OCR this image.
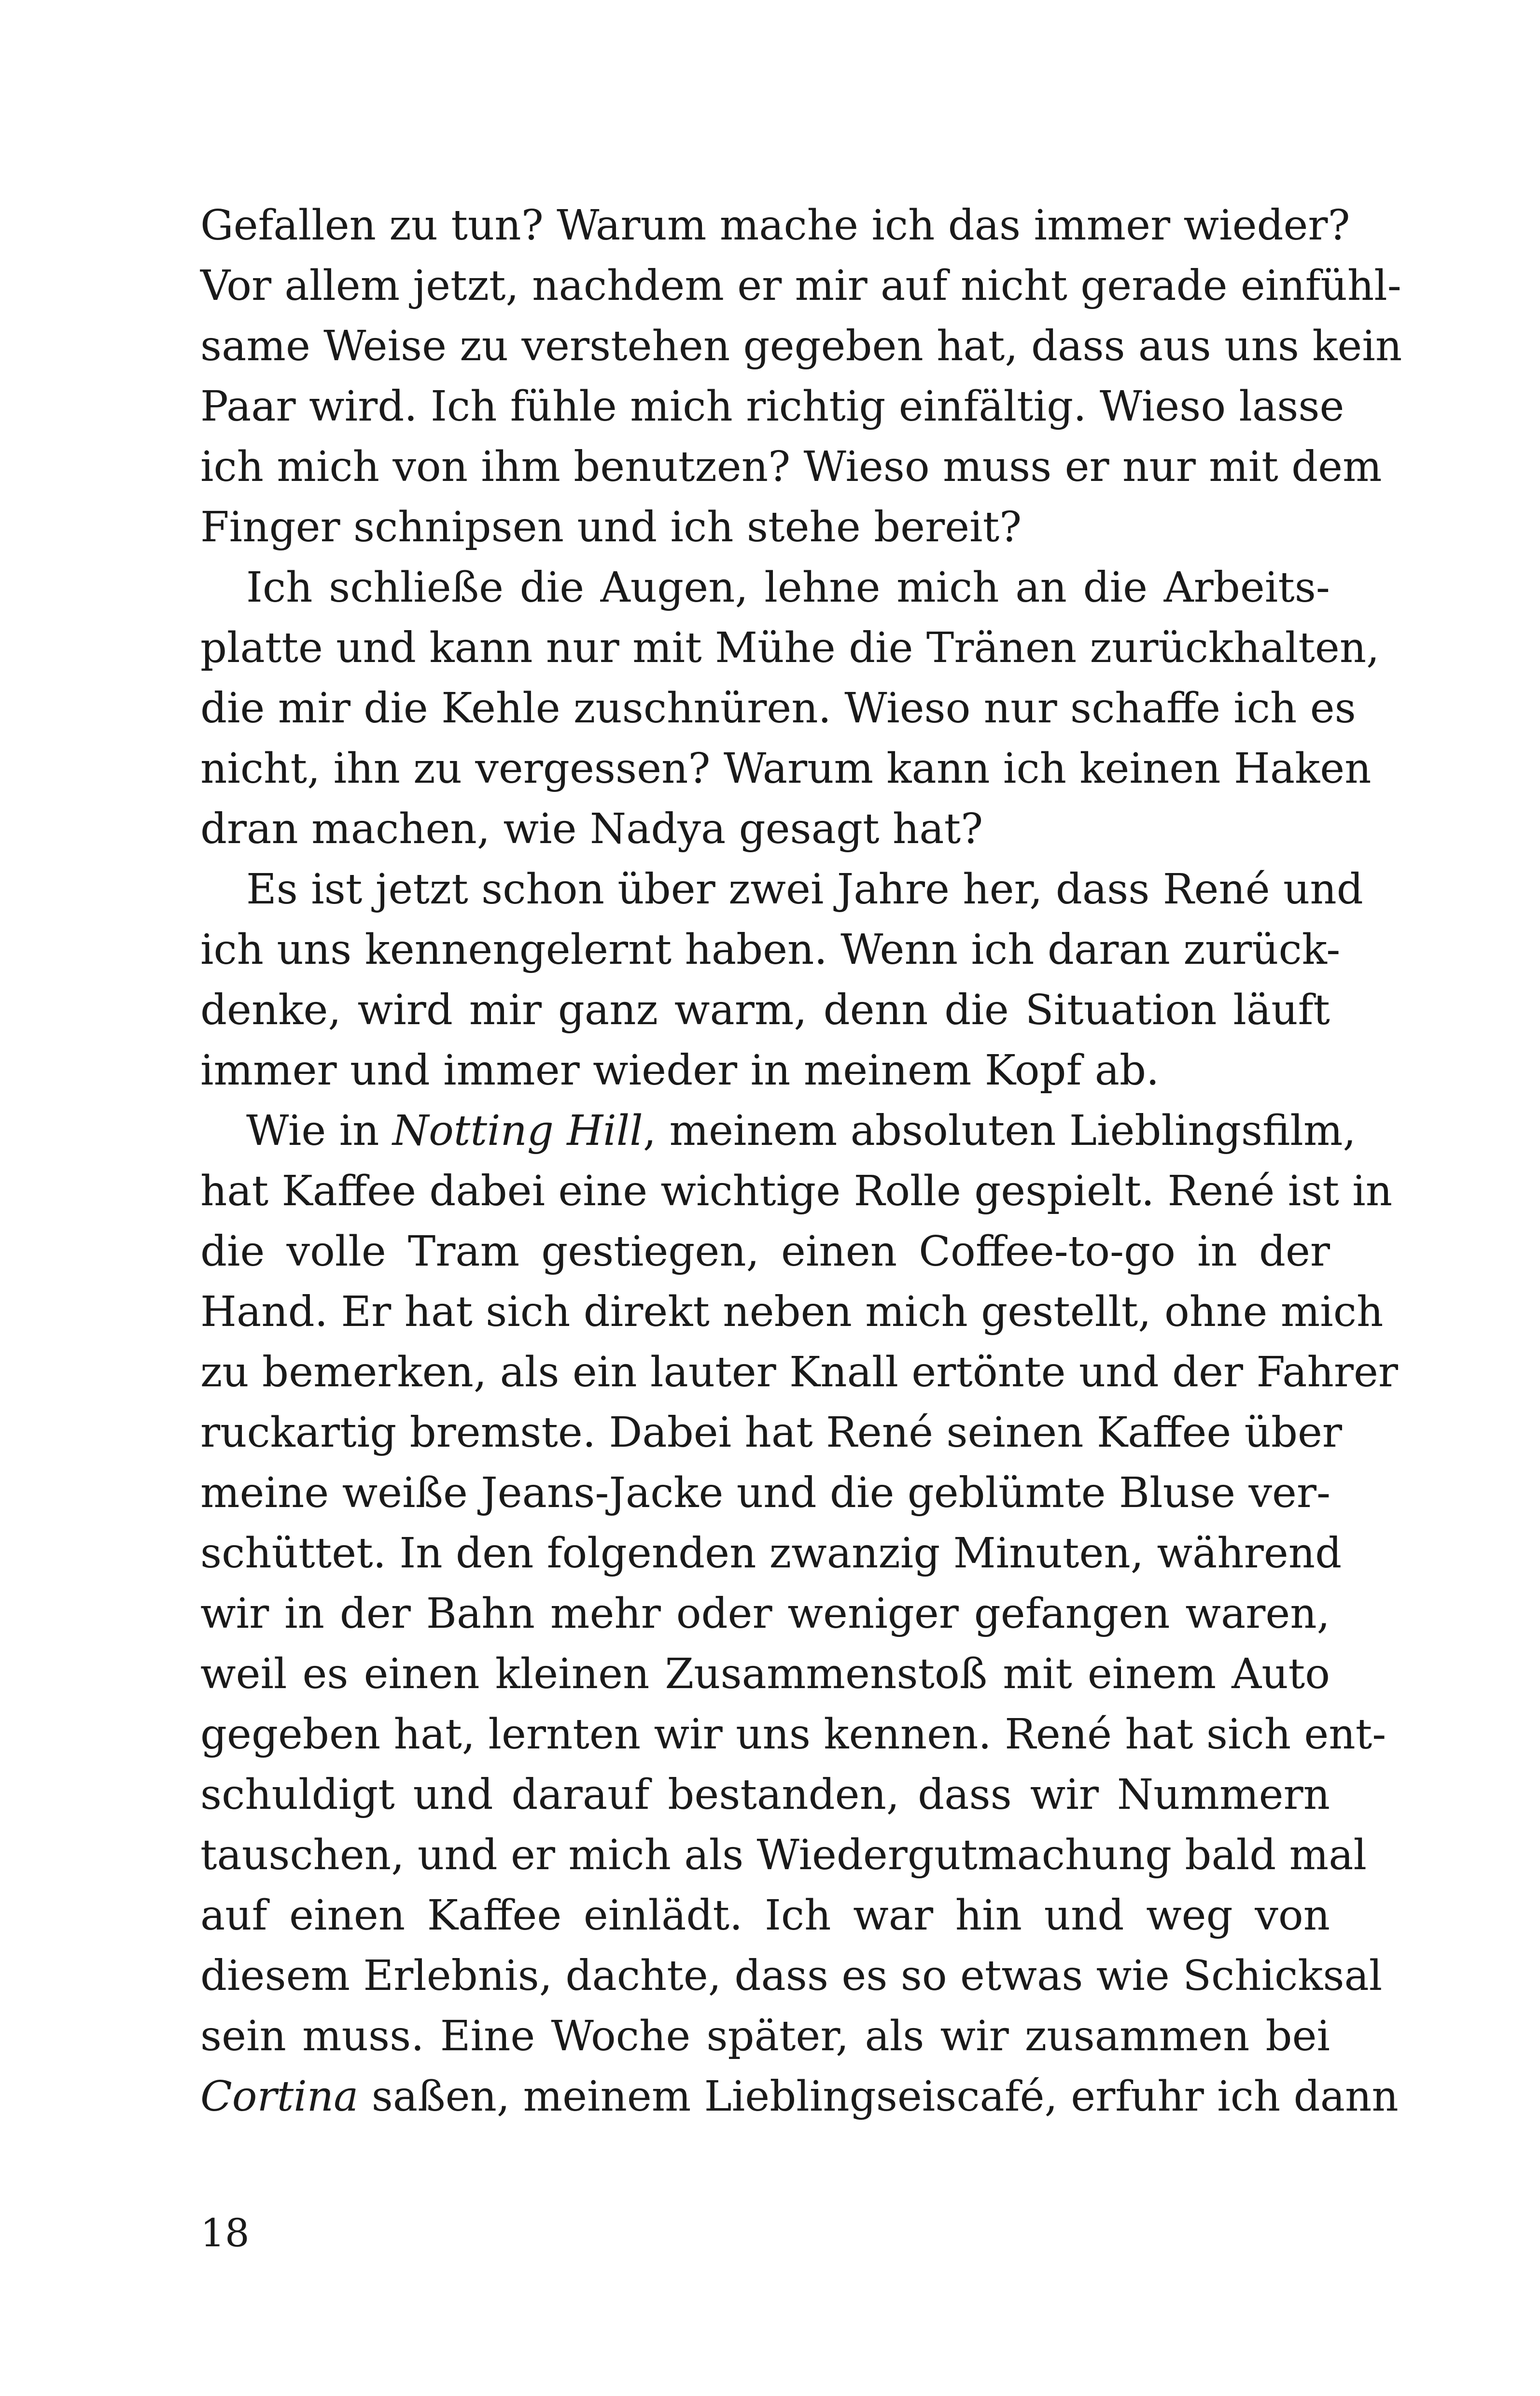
Gefallen zu tun? Warum mache ich das immer wieder?
Vor allem jetzt, nachdem er mir auf nicht gerade einfühl-
same Weise zu verstehen gegeben hat, dass aus uns kein
Paar wird. Ich fühle mich richtig einfältig. Wieso lasse
ich mich von ihm benutzen? Wieso muss er nur mit dem
Finger schnipsen und ich stehe bereit?
Ich schließe die Augen, lehne mich an die Arbeits-
platte und kann nur mit Mühe die Tränen zurückhalten,
die mir die Kehle zuschnüren. Wieso nur schaffe ich es
nicht, ihn zu vergessen? Warum kann ich keinen Haken
dran machen, wie Nadya gesagt hat?
Es ist jetzt schon über zwei Jahre her, dass René und
ich uns kennengelernt haben. Wenn ich daran zurück-
denke, wird mir ganz warm, denn die Situation läuft
immer und immer wieder in meinem Kopf ab.
Wie in Notting Hill, meinem absoluten Lieblingsfilm,
hat Kaffee dabei eine wichtige Rolle gespielt. René ist in
die volle Tram gestiegen, einen Coffee-to-go in der
Hand. Er hat sich direkt neben mich gestellt, ohne mich
zu bemerken, als ein lauter Knall ertönte und der Fahrer
ruckartig bremste. Dabei hat René seinen Kaffee über
meine weiße Jeans-Jacke und die geblümte Bluse ver-
schüttet. In den folgenden zwanzig Minuten, während
wir in der Bahn mehr oder weniger gefangen waren,
weil es einen kleinen Zusammenstoß mit einem Auto
gegeben hat, lernten wir uns kennen. René hat sich ent-
schuldigt und darauf bestanden, dass wir Nummern
tauschen, und er mich als Wiedergutmachung bald mal
auf einen Kaffee einlädt. Ich war hin und weg von
diesem Erlebnis, dachte, dass es so etwas wie Schicksal
sein muss. Eine Woche später, als wir zusammen bei
Cortina saßen, meinem Lieblingseiscafé, erfuhr ich dann
18
